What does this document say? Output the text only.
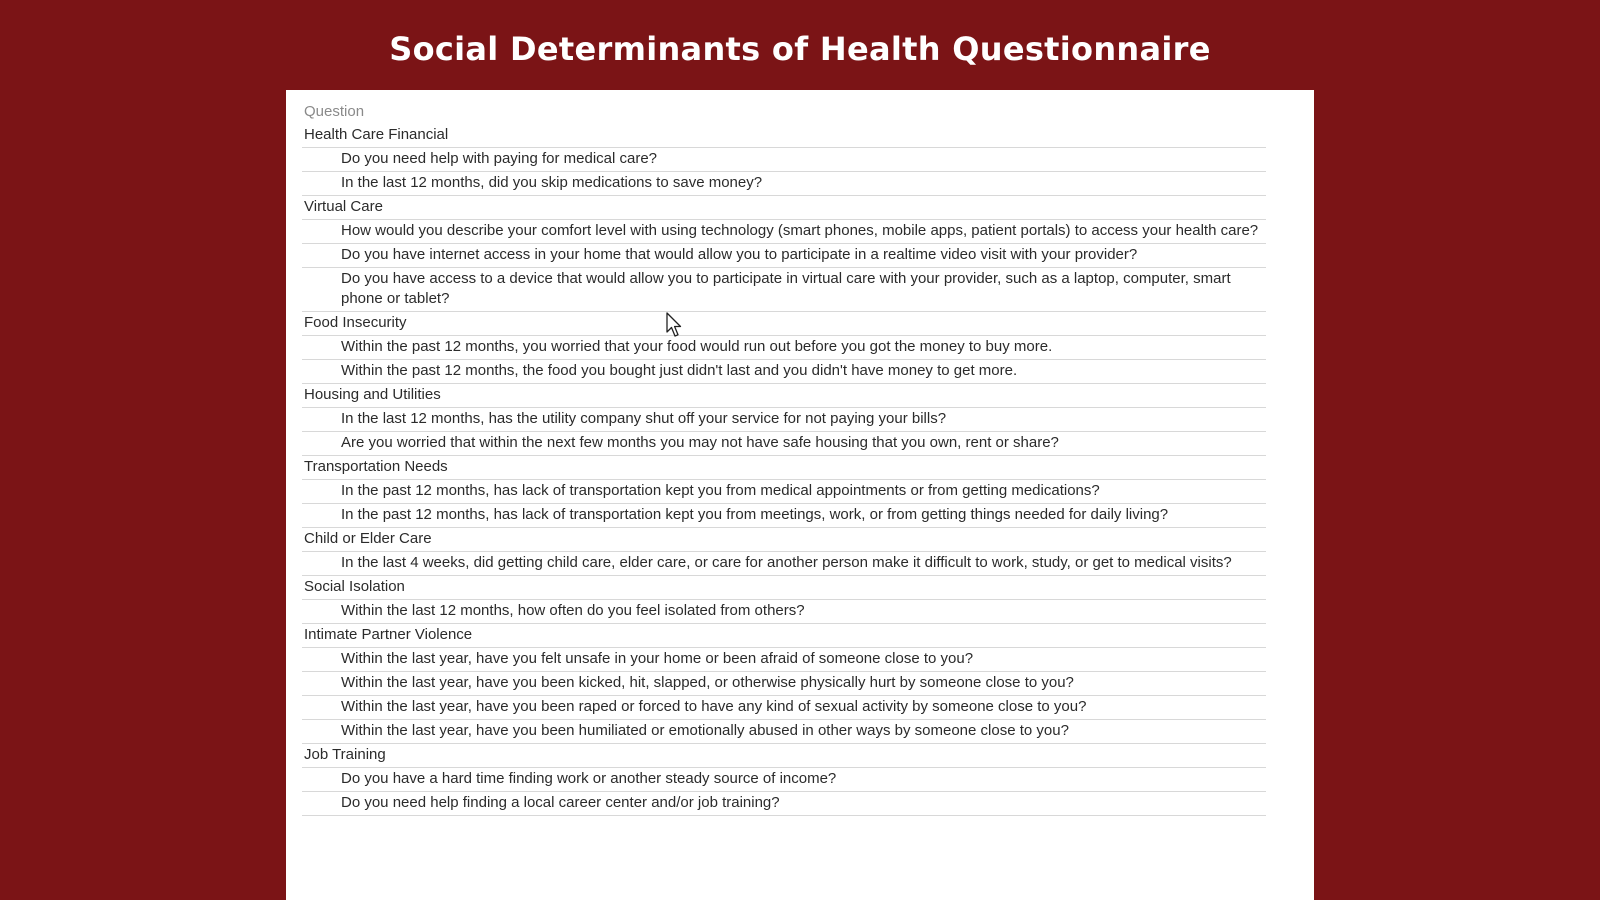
Social Determinants of Health Questionnaire
Question
Health Care Financial
Do you need help with paying for medical care?
In the last 12 months, did you skip medications to save money?
Virtual Care
How would you describe your comfort level with using technology (smart phones, mobile apps, patient portals) to access your health care?
Do you have internet access in your home that would allow you to participate in a realtime video visit with your provider?
Do you have access to a device that would allow you to participate in virtual care with your provider, such as a laptop, computer, smart phone or tablet?
Food Insecurity
Within the past 12 months, you worried that your food would run out before you got the money to buy more.
Within the past 12 months, the food you bought just didn't last and you didn't have money to get more.
Housing and Utilities
In the last 12 months, has the utility company shut off your service for not paying your bills?
Are you worried that within the next few months you may not have safe housing that you own, rent or share?
Transportation Needs
In the past 12 months, has lack of transportation kept you from medical appointments or from getting medications?
In the past 12 months, has lack of transportation kept you from meetings, work, or from getting things needed for daily living?
Child or Elder Care
In the last 4 weeks, did getting child care, elder care, or care for another person make it difficult to work, study, or get to medical visits?
Social Isolation
Within the last 12 months, how often do you feel isolated from others?
Intimate Partner Violence
Within the last year, have you felt unsafe in your home or been afraid of someone close to you?
Within the last year, have you been kicked, hit, slapped, or otherwise physically hurt by someone close to you?
Within the last year, have you been raped or forced to have any kind of sexual activity by someone close to you?
Within the last year, have you been humiliated or emotionally abused in other ways by someone close to you?
Job Training
Do you have a hard time finding work or another steady source of income?
Do you need help finding a local career center and/or job training?
